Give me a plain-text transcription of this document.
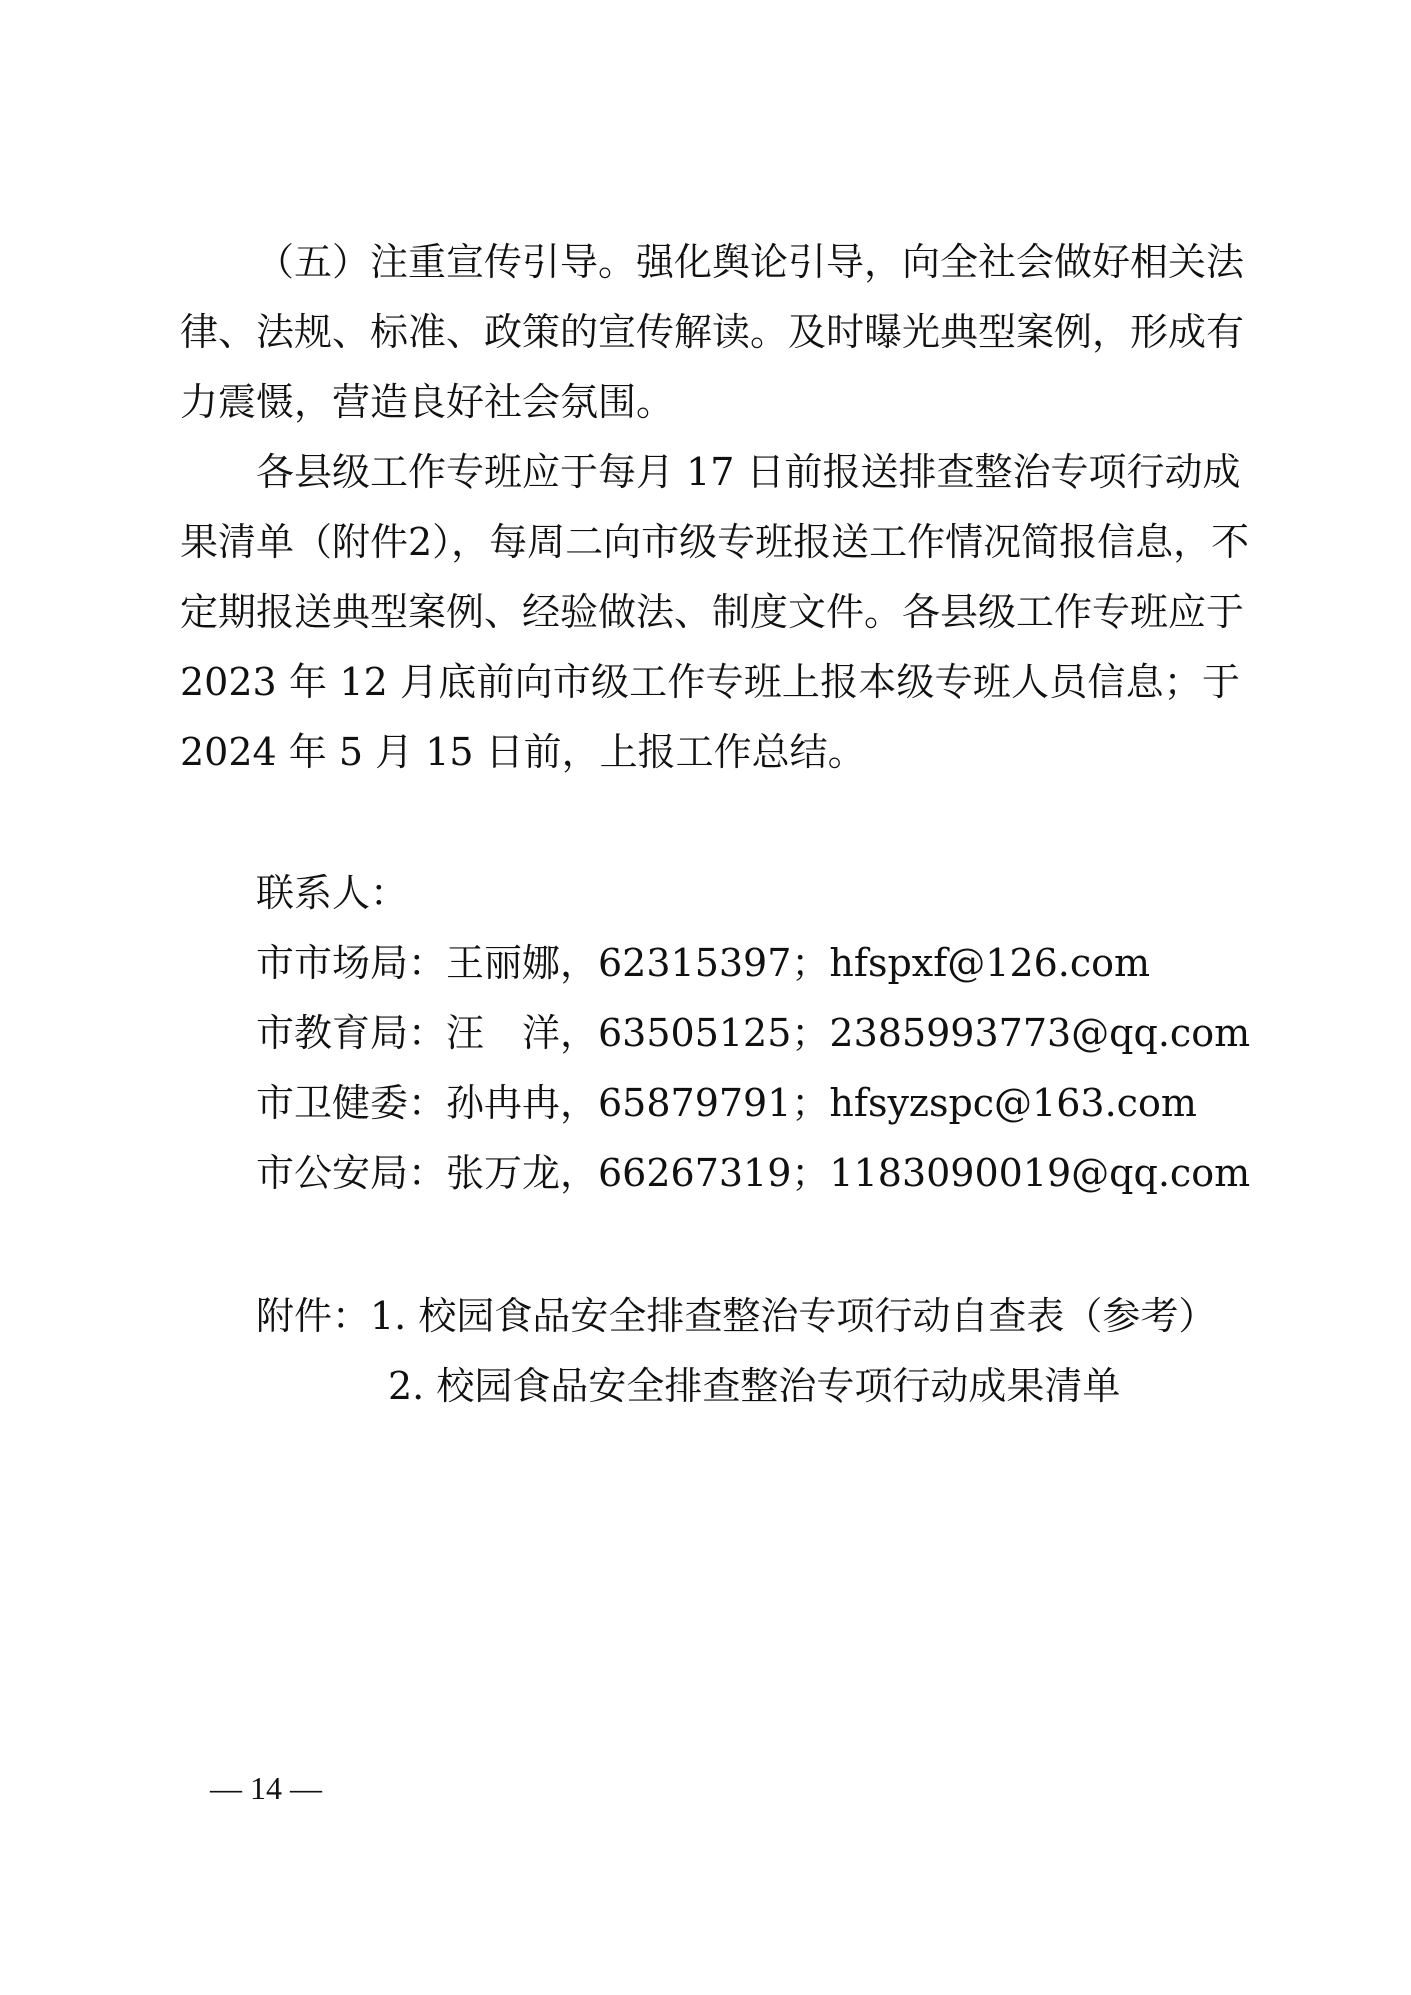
（五）注重宣传引导。强化舆论引导，向全社会做好相关法
律、法规、标准、政策的宣传解读。及时曝光典型案例，形成有
力震慑，营造良好社会氛围。
各县级工作专班应于每月 17 日前报送排查整治专项行动成
果清单（附件2），每周二向市级专班报送工作情况简报信息，不
定期报送典型案例、经验做法、制度文件。各县级工作专班应于
2023 年 12 月底前向市级工作专班上报本级专班人员信息；于
2024 年 5 月 15 日前，上报工作总结。
联系人：
市市场局：王丽娜，62315397；hfspxf@126.com
市教育局：汪　洋，63505125；2385993773@qq.com
市卫健委：孙冉冉，65879791；hfsyzspc@163.com
市公安局：张万龙，66267319；1183090019@qq.com
附件：1. 校园食品安全排查整治专项行动自查表（参考）
2. 校园食品安全排查整治专项行动成果清单
— 14 —
